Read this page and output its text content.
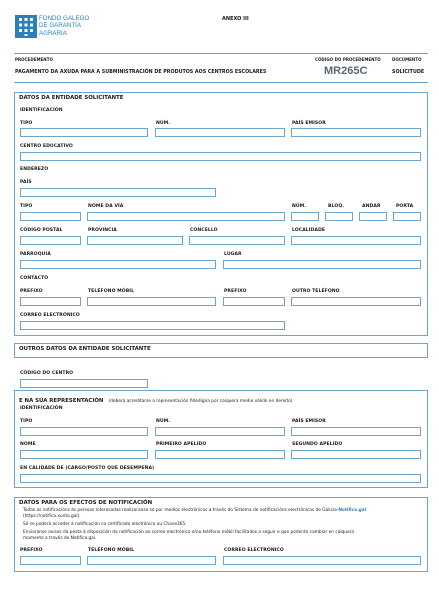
FONDO GALEGO
DE GARANTÍA
AGRARIA
ANEXO III
PROCEDEMENTO
PAGAMENTO DA AXUDA PARA A SUBMINISTRACIÓN DE PRODUTOS AOS CENTROS ESCOLARES
CÓDIGO DO PROCEDEMENTO
MR265C
DOCUMENTO
SOLICITUDE
DATOS DA ENTIDADE SOLICITANTE
IDENTIFICACIÓN
TIPO	NÚM.	PAÍS EMISOR
CENTRO EDUCATIVO
ENDEREZO
PAÍS
TIPO	NOME DA VÍA	NÚM.	BLOQ.	ANDAR	PORTA
CÓDIGO POSTAL	PROVINCIA	CONCELLO	LOCALIDADE
PARROQUIA	LUGAR
CONTACTO
PREFIXO	TELÉFONO MÓBIL	PREFIXO	OUTRO TELÉFONO
CORREO ELECTRÓNICO
OUTROS DATOS DA ENTIDADE SOLICITANTE
CÓDIGO DO CENTRO
E NA SÚA REPRESENTACIÓN (deberá acreditarse a representación fidedigna por calquera medio válido en dereito)
IDENTIFICACIÓN
TIPO	NÚM.	PAÍS EMISOR
NOME	PRIMEIRO APELIDO	SEGUNDO APELIDO
EN CALIDADE DE (CARGO/POSTO QUE DESEMPEÑA)
DATOS PARA OS EFECTOS DE NOTIFICACIÓN
Todas as notificacións ás persoas interesadas realizaranse só por medios electrónicos a través do Sistema de notificacións electrónicas de Galicia-Notifica.gal
(https://notifica.xunta.gal).
Só se poderá acceder á notificación co certificado electrónico ou Chave365.
Enviaranse avisos da posta á disposición da notificación ao correo electrónico e/ou teléfono móbil facilitados a seguir e que poderán cambiar en calquera
momento a través de Notifica.gal.
PREFIXO	TELÉFONO MÓBIL	CORREO ELECTRÓNICO
